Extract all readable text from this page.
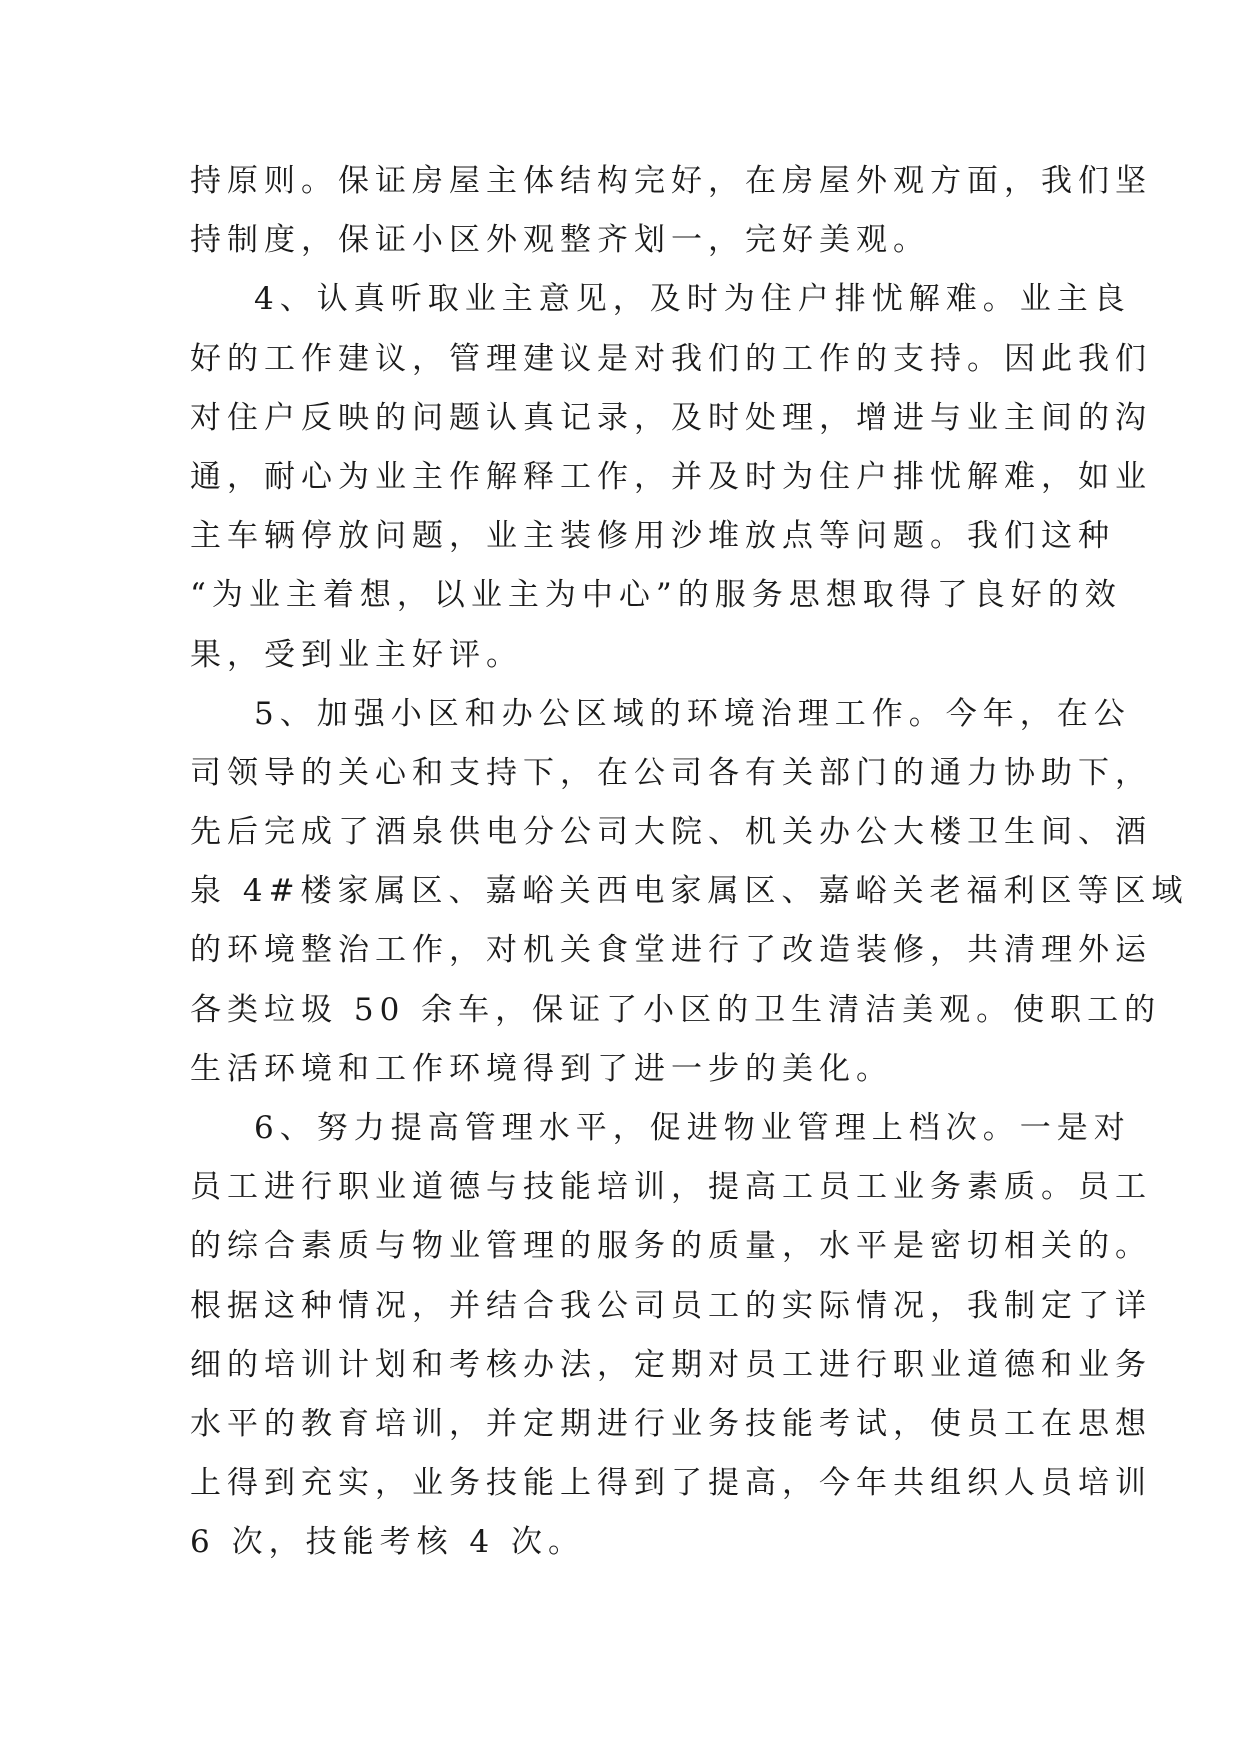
持原则。保证房屋主体结构完好，在房屋外观方面，我们坚

持制度，保证小区外观整齐划一，完好美观。

4、认真听取业主意见，及时为住户排忧解难。业主良

好的工作建议，管理建议是对我们的工作的支持。因此我们

对住户反映的问题认真记录，及时处理，增进与业主间的沟

通，耐心为业主作解释工作，并及时为住户排忧解难，如业

主车辆停放问题，业主装修用沙堆放点等问题。我们这种

“为业主着想，以业主为中心”的服务思想取得了良好的效

果，受到业主好评。

5、加强小区和办公区域的环境治理工作。今年，在公

司领导的关心和支持下，在公司各有关部门的通力协助下，

先后完成了酒泉供电分公司大院、机关办公大楼卫生间、酒

泉 4#楼家属区、嘉峪关西电家属区、嘉峪关老福利区等区域

的环境整治工作，对机关食堂进行了改造装修，共清理外运

各类垃圾 50 余车，保证了小区的卫生清洁美观。使职工的

生活环境和工作环境得到了进一步的美化。

6、努力提高管理水平，促进物业管理上档次。一是对

员工进行职业道德与技能培训，提高工员工业务素质。员工

的综合素质与物业管理的服务的质量，水平是密切相关的。

根据这种情况，并结合我公司员工的实际情况，我制定了详

细的培训计划和考核办法，定期对员工进行职业道德和业务

水平的教育培训，并定期进行业务技能考试，使员工在思想

上得到充实，业务技能上得到了提高，今年共组织人员培训

6 次，技能考核 4 次。
